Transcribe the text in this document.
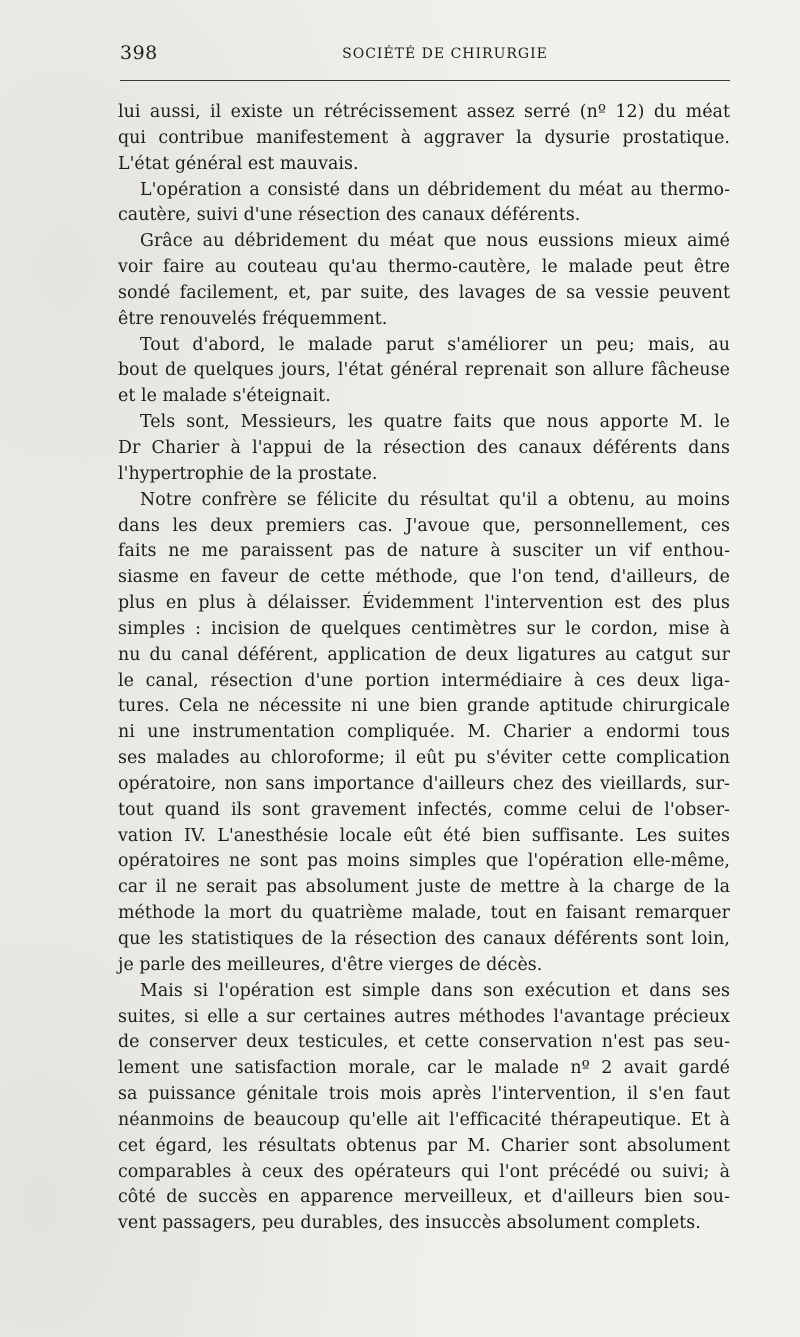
398	SOCIÉTÉ DE CHIRURGIE
lui aussi, il existe un rétrécissement assez serré (nº 12) du méat
qui contribue manifestement à aggraver la dysurie prostatique.
L'état général est mauvais.
L'opération a consisté dans un débridement du méat au thermo-
cautère, suivi d'une résection des canaux déférents.
Grâce au débridement du méat que nous eussions mieux aimé
voir faire au couteau qu'au thermo-cautère, le malade peut être
sondé facilement, et, par suite, des lavages de sa vessie peuvent
être renouvelés fréquemment.
Tout d'abord, le malade parut s'améliorer un peu; mais, au
bout de quelques jours, l'état général reprenait son allure fâcheuse
et le malade s'éteignait.
Tels sont, Messieurs, les quatre faits que nous apporte M. le
Dr Charier à l'appui de la résection des canaux déférents dans
l'hypertrophie de la prostate.
Notre confrère se félicite du résultat qu'il a obtenu, au moins
dans les deux premiers cas. J'avoue que, personnellement, ces
faits ne me paraissent pas de nature à susciter un vif enthou-
siasme en faveur de cette méthode, que l'on tend, d'ailleurs, de
plus en plus à délaisser. Évidemment l'intervention est des plus
simples : incision de quelques centimètres sur le cordon, mise à
nu du canal déférent, application de deux ligatures au catgut sur
le canal, résection d'une portion intermédiaire à ces deux liga-
tures. Cela ne nécessite ni une bien grande aptitude chirurgicale
ni une instrumentation compliquée. M. Charier a endormi tous
ses malades au chloroforme; il eût pu s'éviter cette complication
opératoire, non sans importance d'ailleurs chez des vieillards, sur-
tout quand ils sont gravement infectés, comme celui de l'obser-
vation IV. L'anesthésie locale eût été bien suffisante. Les suites
opératoires ne sont pas moins simples que l'opération elle-même,
car il ne serait pas absolument juste de mettre à la charge de la
méthode la mort du quatrième malade, tout en faisant remarquer
que les statistiques de la résection des canaux déférents sont loin,
je parle des meilleures, d'être vierges de décès.
Mais si l'opération est simple dans son exécution et dans ses
suites, si elle a sur certaines autres méthodes l'avantage précieux
de conserver deux testicules, et cette conservation n'est pas seu-
lement une satisfaction morale, car le malade nº 2 avait gardé
sa puissance génitale trois mois après l'intervention, il s'en faut
néanmoins de beaucoup qu'elle ait l'efficacité thérapeutique. Et à
cet égard, les résultats obtenus par M. Charier sont absolument
comparables à ceux des opérateurs qui l'ont précédé ou suivi; à
côté de succès en apparence merveilleux, et d'ailleurs bien sou-
vent passagers, peu durables, des insuccès absolument complets.
